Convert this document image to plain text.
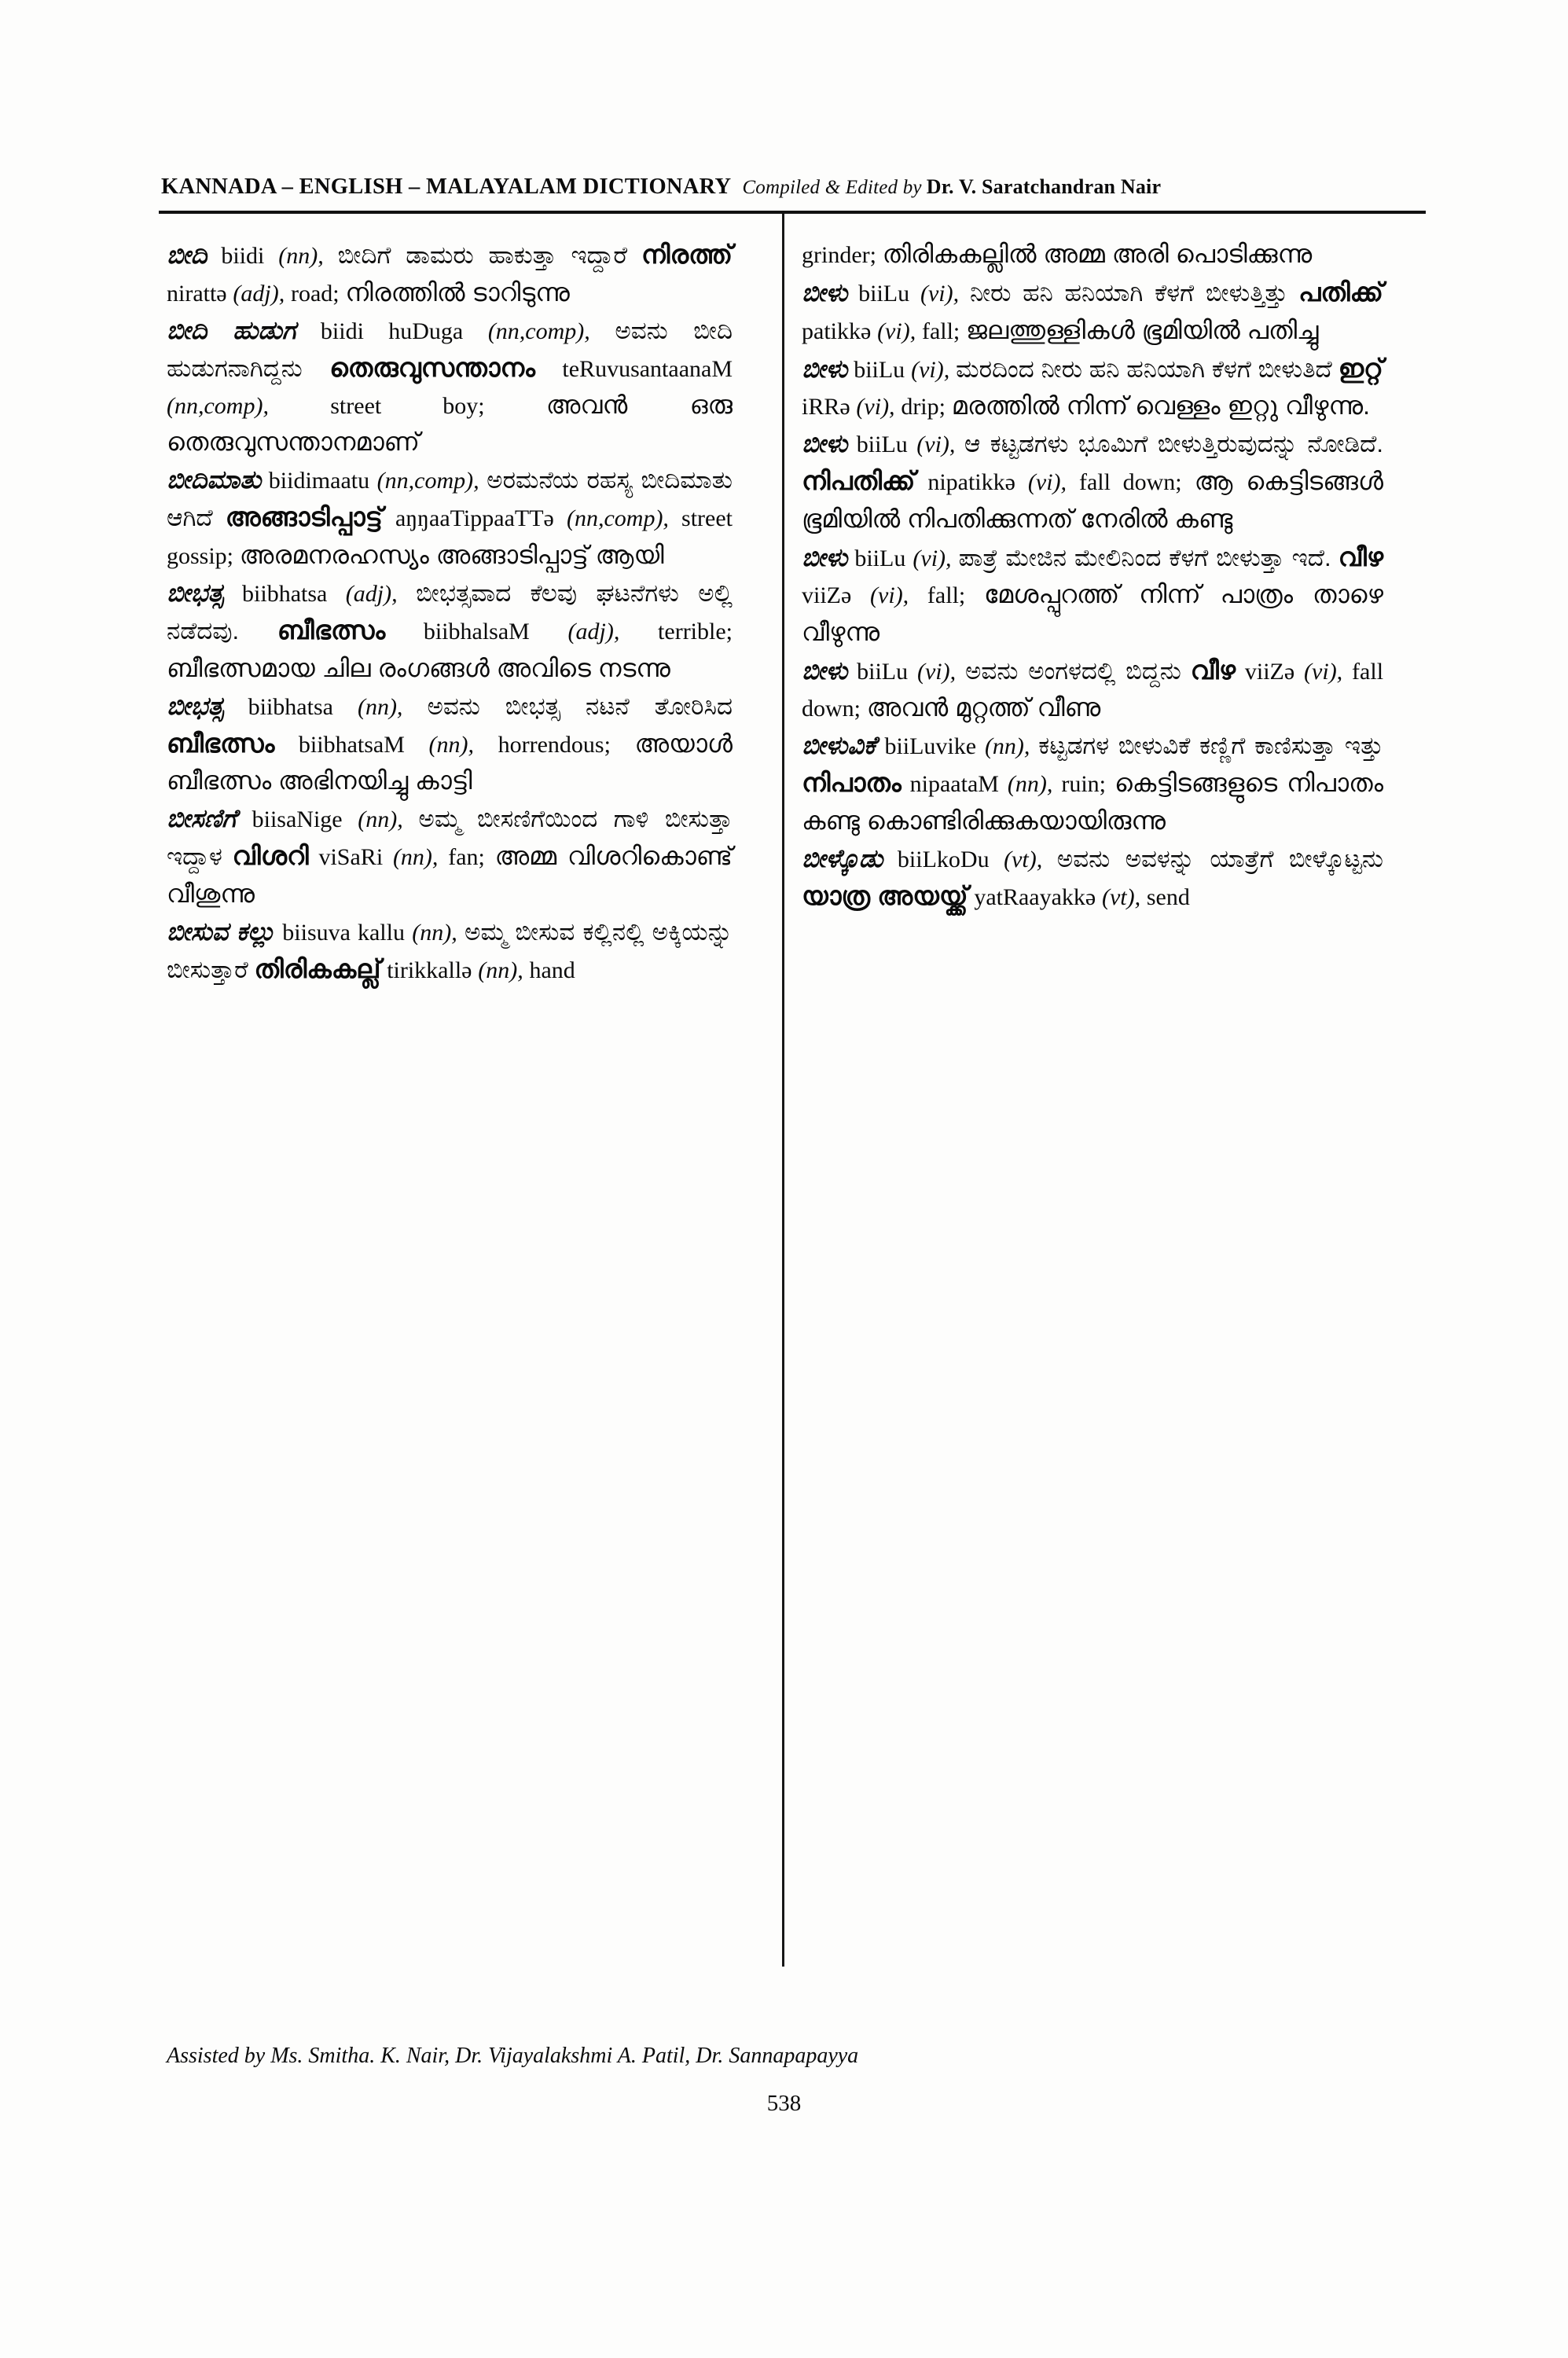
KANNADA – ENGLISH – MALAYALAM DICTIONARY Compiled & Edited by Dr. V. Saratchandran Nair

ಬೀದಿ biidi (nn), ಬೀದಿಗೆ ಡಾಮರು ಹಾಕುತ್ತಾ ಇದ್ದಾರೆ നിരത്ത് nirattə (adj), road; നിരത്തിൽ ടാറിടുന്നു

ಬೀದಿ ಹುಡುಗ biidi huDuga (nn,comp), ಅವನು ಬೀದಿ ಹುಡುಗನಾಗಿದ್ದನು തെരുവുസന്താനം teRuvusantaanaM (nn,comp),	street boy; അവൻ ഒരു തെരുവുസന്താനമാണ്

ಬೀದಿಮಾತು biidimaatu (nn,comp), ಅರಮನೆಯ ರಹಸ್ಯ ಬೀದಿಮಾತು ಆಗಿದೆ അങ്ങാടിപ്പാട്ട് aŋŋaaTippaaTTə (nn,comp), street gossip; അരമനരഹസ്യം അങ്ങാടിപ്പാട്ട് ആയി

ಬೀಭತ್ಸ biibhatsa (adj), ಬೀಭತ್ಸವಾದ ಕೆಲವು ಘಟನೆಗಳು ಅಲ್ಲಿ ನಡೆದವು. ബീഭത്സം biibhalsaM (adj), terrible; ബീഭത്സമായ ചില രംഗങ്ങൾ അവിടെ നടന്നു

ಬೀಭತ್ಸ biibhatsa (nn), ಅವನು ಬೀಭತ್ಸ ನಟನೆ ತೋರಿಸಿದ ബീഭത്സം biibhatsaM (nn), horrendous; അയാൾ ബീഭത്സം അഭിനയിച്ചു കാട്ടി

ಬೀಸಣಿಗೆ biisaNige (nn), ಅಮ್ಮ ಬೀಸಣಿಗೆಯಿಂದ ಗಾಳಿ ಬೀಸುತ್ತಾ ಇದ್ದಾಳ വിശറി viSaRi (nn), fan; അമ്മ വിശറികൊണ്ട് വീശുന്നു

ಬೀಸುವ ಕಲ್ಲು biisuva kallu (nn), ಅಮ್ಮ ಬೀಸುವ ಕಲ್ಲಿನಲ್ಲಿ ಅಕ್ಕಿಯನ್ನು ಬೀಸುತ್ತಾರೆ തിരികകല്ല് tirikkallə (nn), hand

grinder; തിരികകല്ലിൽ അമ്മ അരി പൊടിക്കുന്നു

ಬೀಳು biiLu (vi), ನೀರು ಹನಿ ಹನಿಯಾಗಿ ಕೆಳಗೆ ಬೀಳುತ್ತಿತ್ತು പതിക്ക് patikkə (vi), fall; ജലത്തുള്ളികൾ ഭൂമിയിൽ പതിച്ചു

ಬೀಳು biiLu (vi), ಮರದಿಂದ ನೀರು ಹನಿ ಹನಿಯಾಗಿ ಕೆಳಗೆ ಬೀಳುತಿದೆ ഇറ്റ് iRRə (vi), drip; മരത്തിൽ നിന്ന് വെള്ളം ഇറ്റു വീഴുന്നു.

ಬೀಳು biiLu (vi), ಆ ಕಟ್ಟಡಗಳು ಭೂಮಿಗೆ ಬೀಳುತ್ತಿರುವುದನ್ನು ನೋಡಿದೆ. നിപതിക്ക് nipatikkə (vi), fall down; ആ കെട്ടിടങ്ങൾ ഭൂമിയിൽ നിപതിക്കുന്നത് നേരിൽ കണ്ടു

ಬೀಳು biiLu (vi), ಪಾತ್ರೆ ಮೇಜಿನ ಮೇಲಿನಿಂದ ಕೆಳಗೆ ಬೀಳುತ್ತಾ ಇದೆ. വീഴ viiZə (vi), fall; മേശപ്പുറത്ത് നിന്ന് പാത്രം താഴെ വീഴുന്നു

ಬೀಳು biiLu (vi), ಅವನು ಅಂಗಳದಲ್ಲಿ ಬಿದ್ದನು വീഴ viiZə (vi), fall down; അവൻ മുറ്റത്ത് വീണു

ಬೀಳುವಿಕೆ biiLuvike (nn), ಕಟ್ಟಡಗಳ ಬೀಳುವಿಕೆ ಕಣ್ಣಿಗೆ ಕಾಣಿಸುತ್ತಾ ಇತ್ತು നിപാതം nipaataM (nn), ruin; കെട്ടിടങ്ങളുടെ നിപാതം കണ്ടു കൊണ്ടിരിക്കുകയായിരുന്നു

ಬೀಳ್ಕೊಡು biiLkoDu (vt), ಅವನು ಅವಳನ್ನು ಯಾತ್ರೆಗೆ ಬೀಳ್ಕೊಟ್ಟನು യാത്ര അയയ്ക്ക് yatRaayakkə (vt), send

Assisted by Ms. Smitha. K. Nair, Dr. Vijayalakshmi A. Patil, Dr. Sannapapayya
538
